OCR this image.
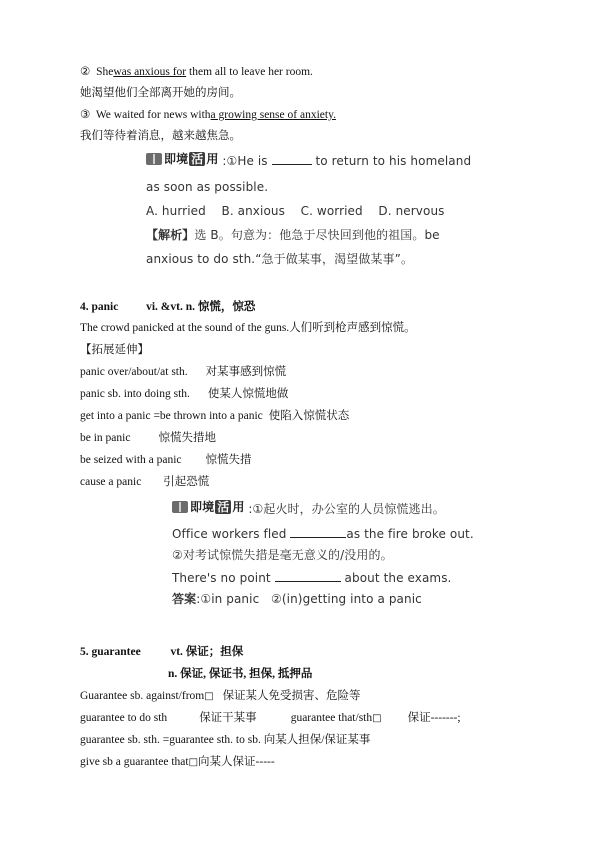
② Shewas anxious for them all to leave her room.
她渴望他们全部离开她的房间。
③ We waited for news witha growing sense of anxiety.
我们等待着消息，越来越焦急。
即境 活 用 :①He is	to return to his homeland
as soon as possible.
A. hurried    B. anxious    C. worried    D. nervous
【解析】选 B。句意为：他急于尽快回到他的祖国。be
anxious to do sth.“急于做某事，渴望做某事”。
4. panic vi. &vt. n. 惊慌，惊恐
The crowd panicked at the sound of the guns.人们听到枪声感到惊慌。
【拓展延伸】
panic over/about/at sth. 对某事感到惊慌
panic sb. into doing sth. 使某人惊慌地做
get into a panic =be thrown into a panic 使陷入惊慌状态
be in panic 惊慌失措地
be seized with a panic 惊慌失措
cause a panic 引起恐慌
即境 活 用 :①起火时，办公室的人员惊慌逃出。
Office workers fled	as the fire broke out.
②对考试惊慌失措是毫无意义的/没用的。
There's no point	about the exams.
答案:①in panic   ②(in)getting into a panic
5. guarantee	vt. 保证；担保
n. 保证, 保证书, 担保, 抵押品
Guarantee sb. against/from□ 保证某人免受损害、危险等
guarantee to do sth	保证干某事	guarantee that/sth□ 保证-------;
guarantee sb. sth. =guarantee sth. to sb. 向某人担保/保证某事
give sb a guarantee that□向某人保证-----
